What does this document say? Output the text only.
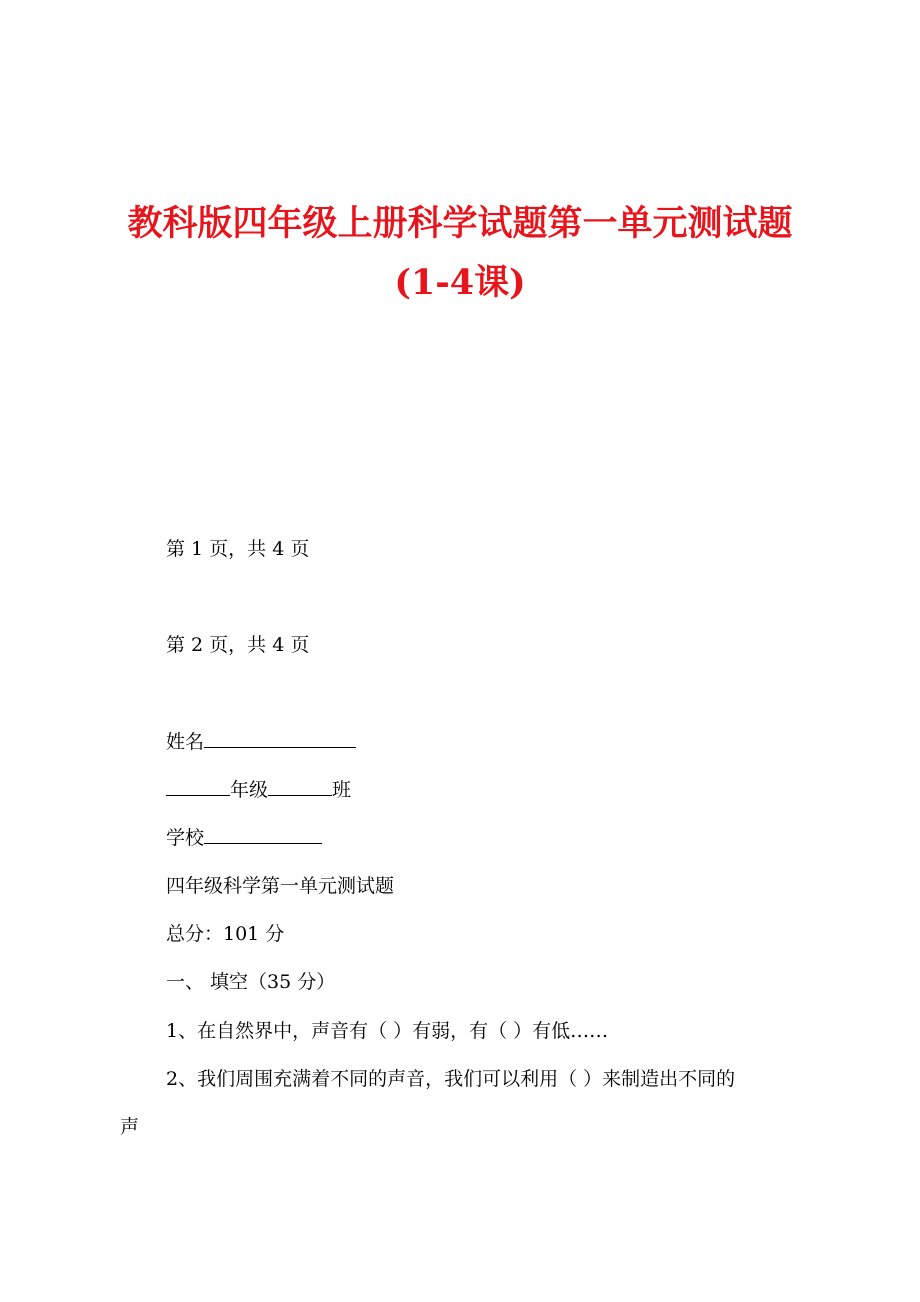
教科版四年级上册科学试题第一单元测试题
(1-4课)
第 1 页，共 4 页
第 2 页，共 4 页
姓名
年级	班
学校
四年级科学第一单元测试题
总分：101 分
一、 填空（35 分）
1、在自然界中，声音有（ ）有弱，有（ ）有低……
2、我们周围充满着不同的声音，我们可以利用（ ）来制造出不同的
声
